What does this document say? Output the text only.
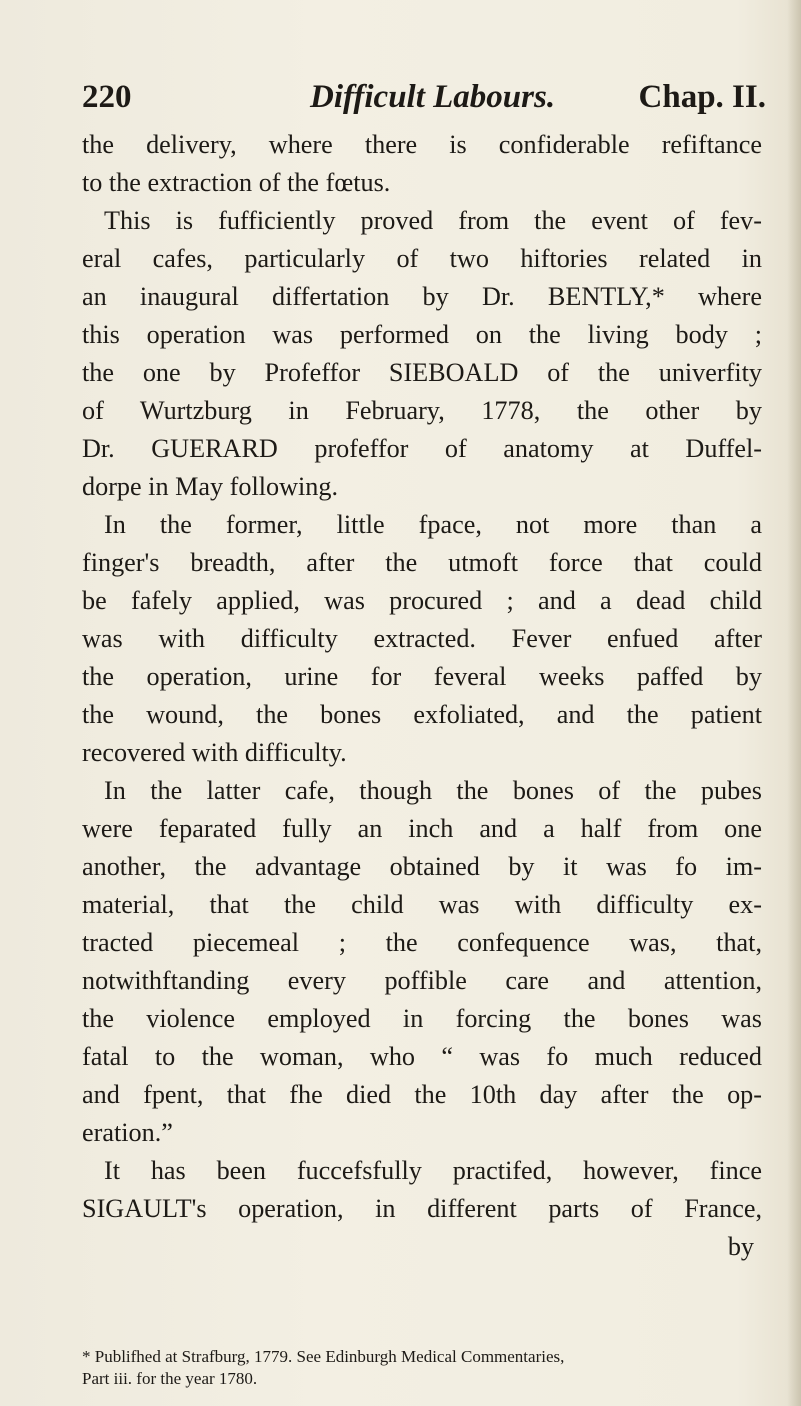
220	Difficult Labours.	Chap. II.
the delivery, where there is confiderable refiftance
to the extraction of the fœtus.
This is fufficiently proved from the event of fev-
eral cafes, particularly of two hiftories related in
an inaugural differtation by Dr. BENTLY,* where
this operation was performed on the living body ;
the one by Profeffor SIEBOALD of the univerfity
of Wurtzburg in February, 1778, the other by
Dr. GUERARD profeffor of anatomy at Duffel-
dorpe in May following.
In the former, little fpace, not more than a
finger's breadth, after the utmoft force that could
be fafely applied, was procured ; and a dead child
was with difficulty extracted. Fever enfued after
the operation, urine for feveral weeks paffed by
the wound, the bones exfoliated, and the patient
recovered with difficulty.
In the latter cafe, though the bones of the pubes
were feparated fully an inch and a half from one
another, the advantage obtained by it was fo im-
material, that the child was with difficulty ex-
tracted piecemeal ; the confequence was, that,
notwithftanding every poffible care and attention,
the violence employed in forcing the bones was
fatal to the woman, who “ was fo much reduced
and fpent, that fhe died the 10th day after the op-
eration.”
It has been fuccefsfully practifed, however, fince
SIGAULT's operation, in different parts of France,
by
* Publifhed at Strafburg, 1779. See Edinburgh Medical Commentaries,
Part iii. for the year 1780.
